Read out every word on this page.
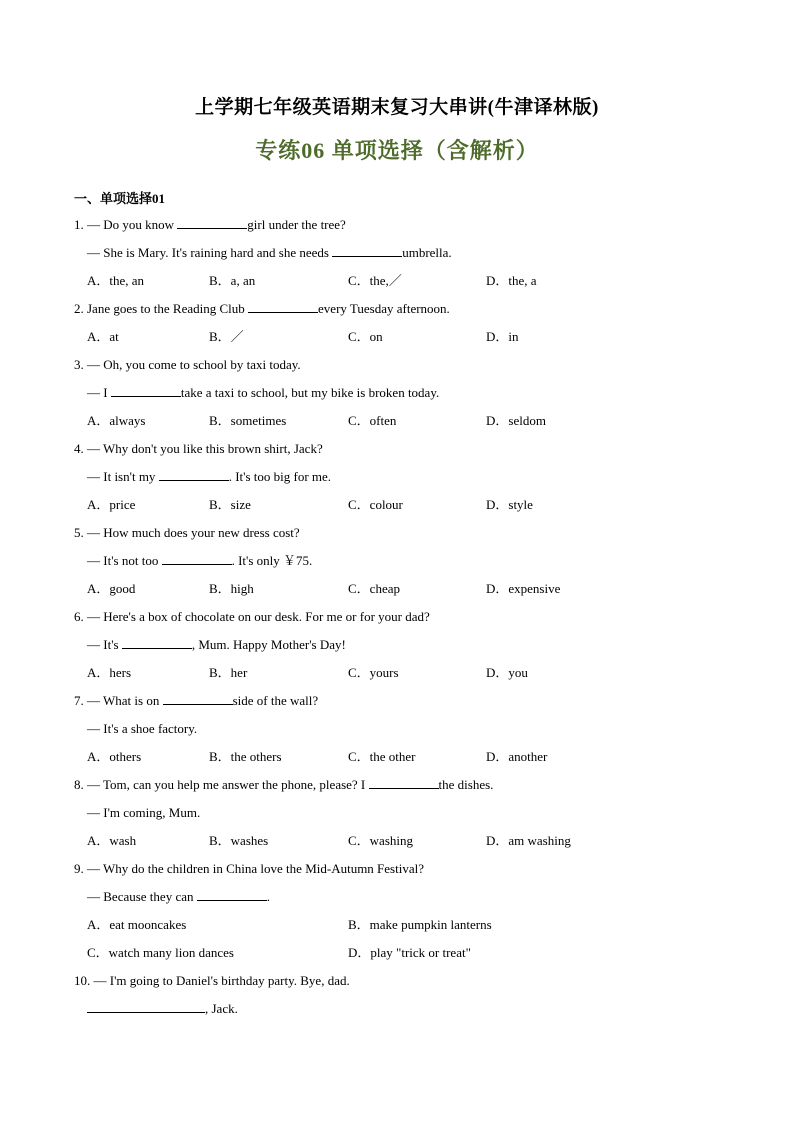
上学期七年级英语期末复习大串讲(牛津译林版)
专练06 单项选择（含解析）
一、单项选择01
1. — Do you know	girl under the tree?
— She is Mary. It's raining hard and she needs	umbrella.
A．the, an	B．a, an	C．the,／	D．the, a
2. Jane goes to the Reading Club	every Tuesday afternoon.
A．at	B．／	C．on	D．in
3. — Oh, you come to school by taxi today.
— I	take a taxi to school, but my bike is broken today.
A．always	B．sometimes	C．often	D．seldom
4. — Why don't you like this brown shirt, Jack?
— It isn't my	. It's too big for me.
A．price	B．size	C．colour	D．style
5. — How much does your new dress cost?
— It's not too	. It's only ￥75.
A．good	B．high	C．cheap	D．expensive
6. — Here's a box of chocolate on our desk. For me or for your dad?
— It's	, Mum. Happy Mother's Day!
A．hers	B．her	C．yours	D．you
7. — What is on	side of the wall?
— It's a shoe factory.
A．others	B．the others	C．the other	D．another
8. — Tom, can you help me answer the phone, please? I	the dishes.
— I'm coming, Mum.
A．wash	B．washes	C．washing	D．am washing
9. — Why do the children in China love the Mid-Autumn Festival?
— Because they can	.
A．eat mooncakes	B．make pumpkin lanterns
C．watch many lion dances	D．play "trick or treat"
10. — I'm going to Daniel's birthday party. Bye, dad.
, Jack.
